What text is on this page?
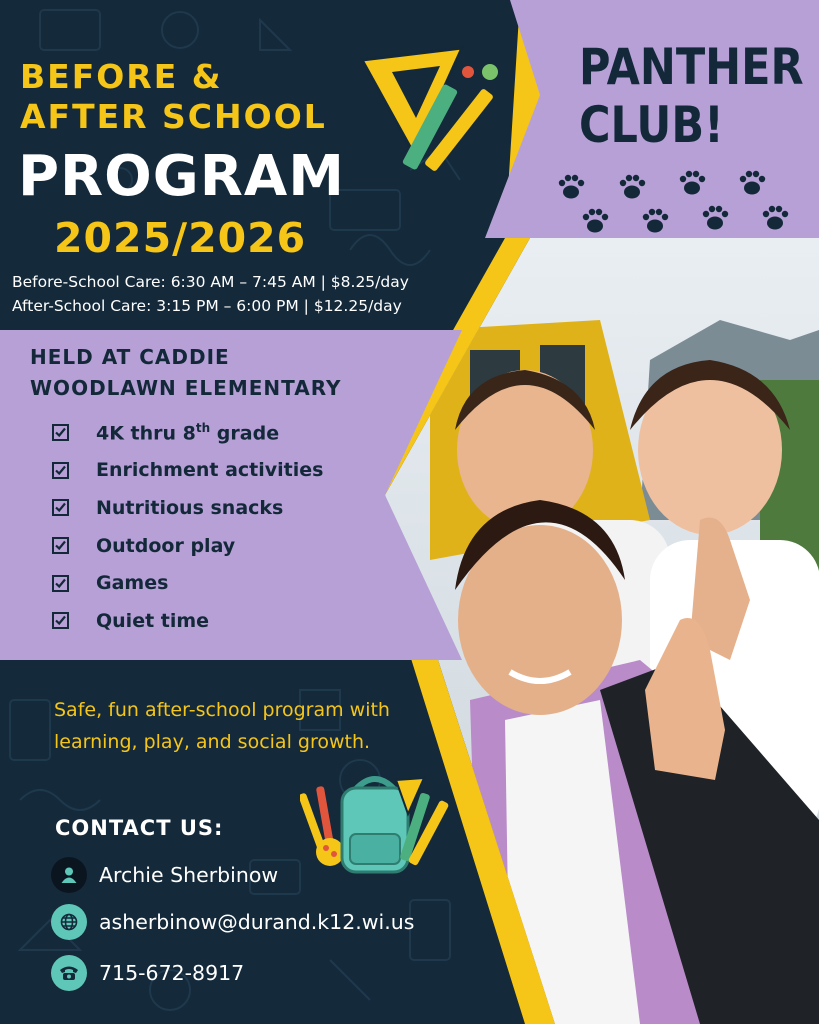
BEFORE &
AFTER SCHOOL
PROGRAM
2025/2026
Before-School Care: 6:30 AM – 7:45 AM | $8.25/day
After-School Care: 3:15 PM – 6:00 PM | $12.25/day
PANTHER
CLUB!
HELD AT CADDIE
WOODLAWN ELEMENTARY
4K thru 8th grade
Enrichment activities
Nutritious snacks
Outdoor play
Games
Quiet time
Safe, fun after-school program with learning, play, and social growth.
CONTACT US:
Archie Sherbinow
asherbinow@durand.k12.wi.us
715-672-8917
